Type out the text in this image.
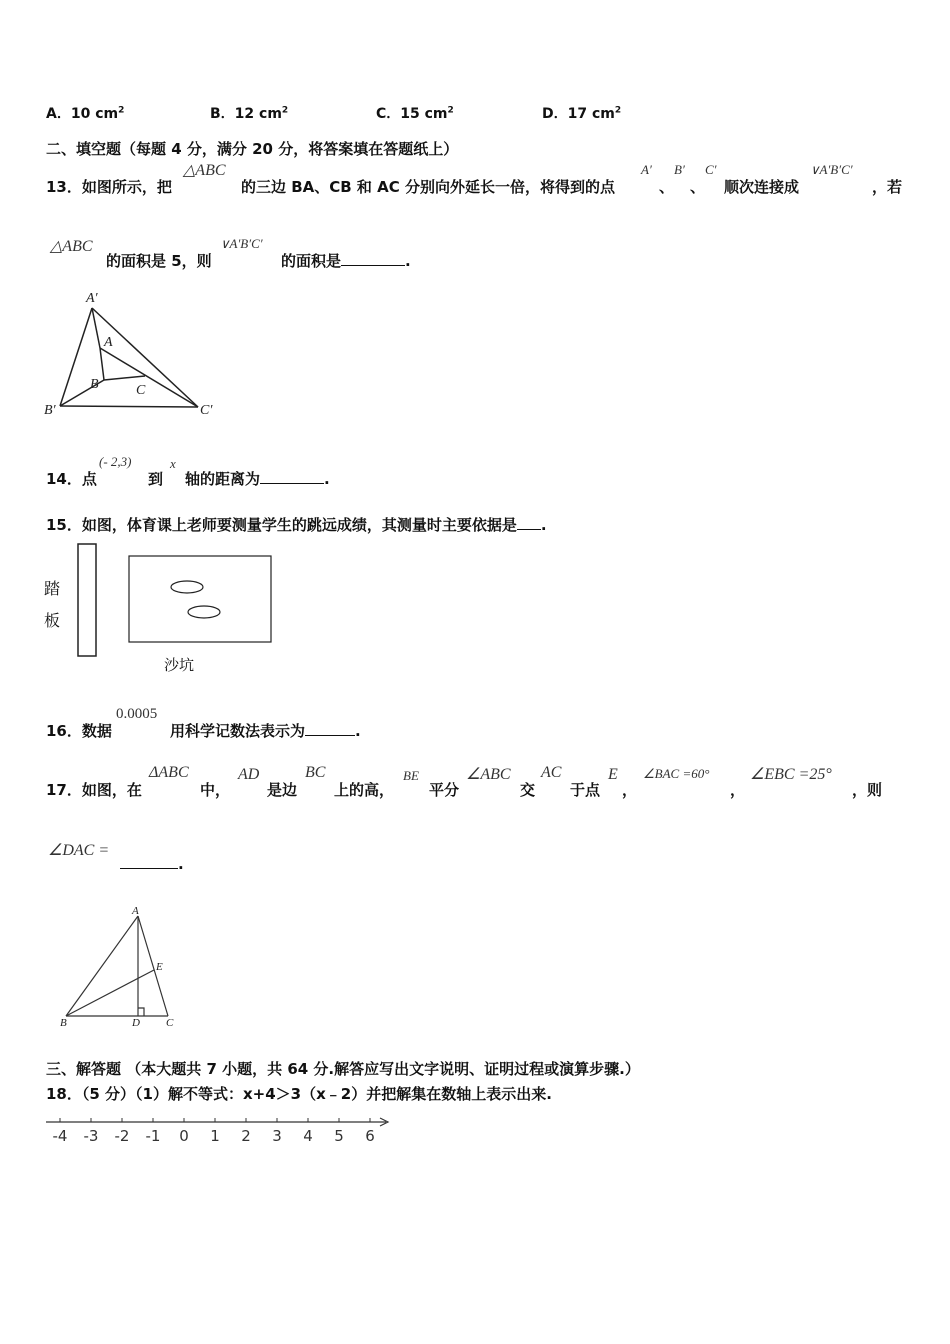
A．10 $cm^2$	B．12 $cm^2$	C．15 $cm^2$	D．17 $cm^2$
二、填空题（每题 4 分，满分 20 分，将答案填在答题纸上）
13．如图所示，把
△ABC
的三边 BA、CB 和 AC 分别向外延长一倍，将得到的点
A′
、
B′
、
C′
顺次连接成
∨A′B′C′
，若
△ABC
的面积是 5，则
∨A′B′C′
的面积是	.
A′
A
B	C
B′	C′
14．点
(- 2,3)
到
x
轴的距离为	.
15．如图，体育课上老师要测量学生的跳远成绩，其测量时主要依据是 .
踏
板
沙坑
16．数据
0.0005
用科学记数法表示为	.
17．如图，在
ΔABC
中，
AD
是边
BC
上的高，
BE
平分
∠ABC
交
AC
于点
E
，
∠BAC =60°
，
∠EBC =25°
，则
∠DAC =
.
A
E
B	D C
三、解答题 （本大题共 7 小题，共 64 分.解答应写出文字说明、证明过程或演算步骤.）
18．（5 分）（1）解不等式：x+4＞3（x﹣2）并把解集在数轴上表示出来.
-4 -3 -2 -1 0 1 2 3 4 5 6
